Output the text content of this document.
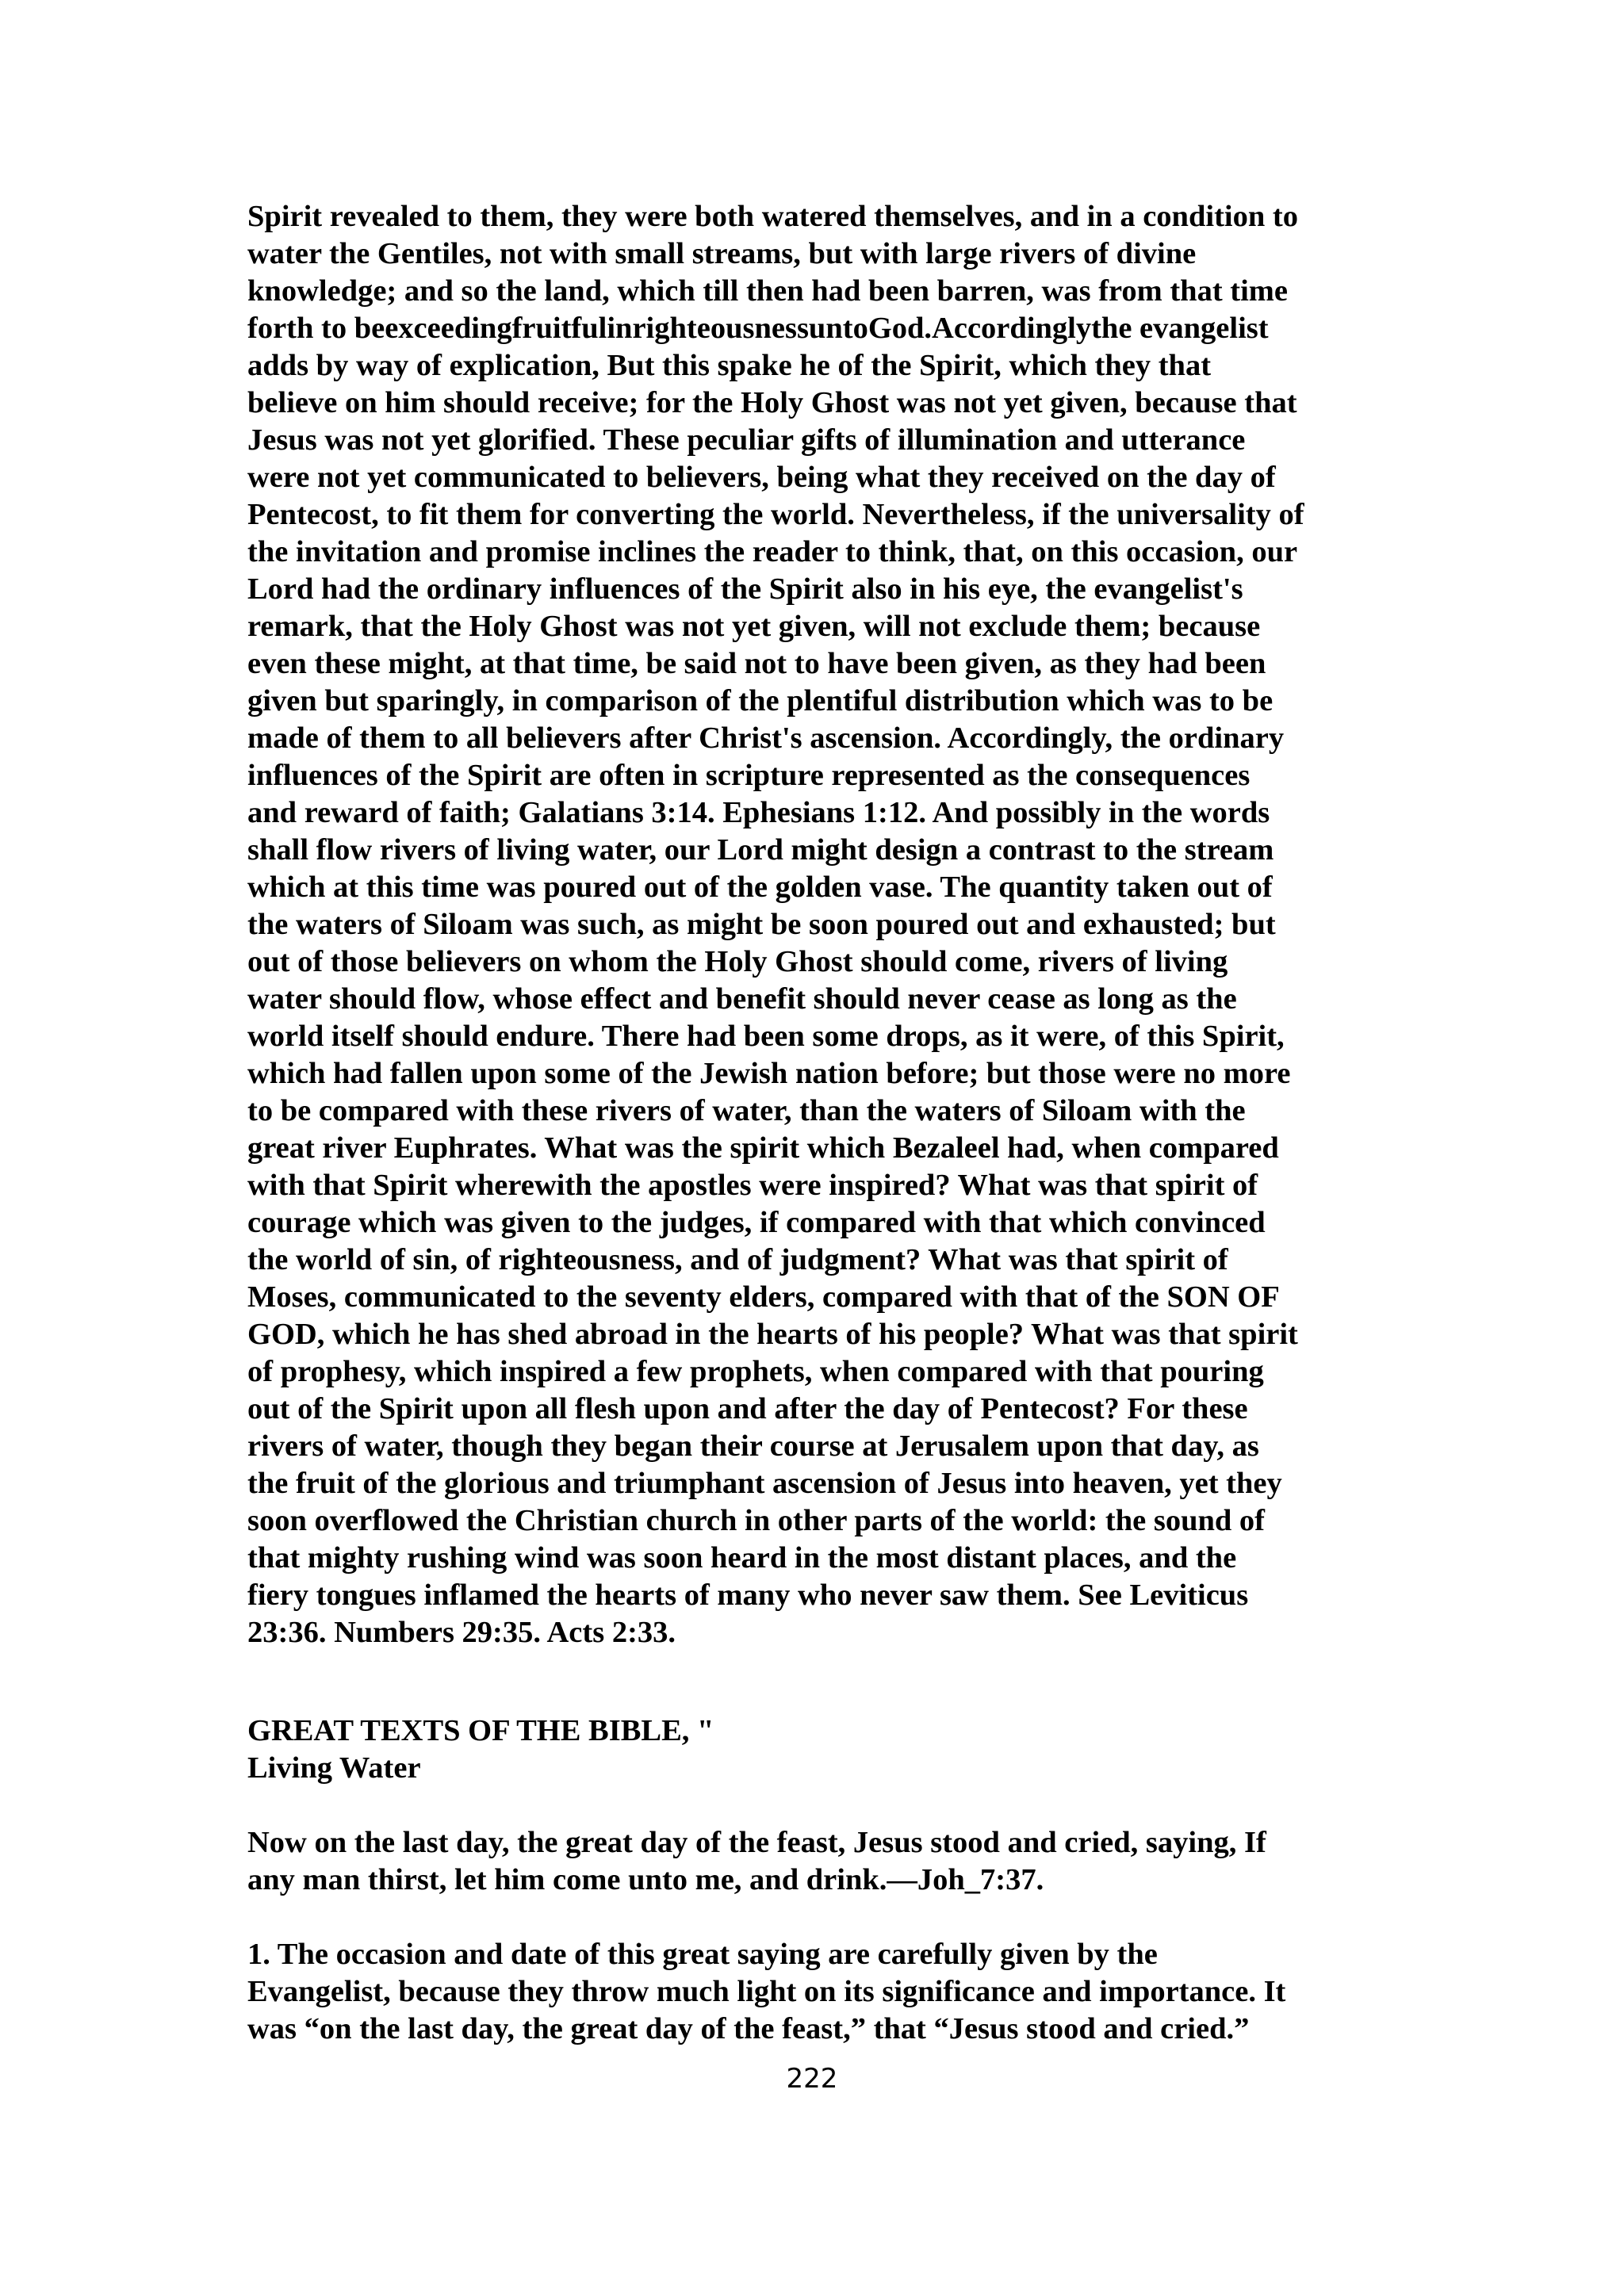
Spirit revealed to them, they were both watered themselves, and in a condition to
water the Gentiles, not with small streams, but with large rivers of divine
knowledge; and so the land, which till then had been barren, was from that time
forth to beexceedingfruitfulinrighteousnessuntoGod.Accordinglythe evangelist
adds by way of explication, But this spake he of the Spirit, which they that
believe on him should receive; for the Holy Ghost was not yet given, because that
Jesus was not yet glorified. These peculiar gifts of illumination and utterance
were not yet communicated to believers, being what they received on the day of
Pentecost, to fit them for converting the world. Nevertheless, if the universality of
the invitation and promise inclines the reader to think, that, on this occasion, our
Lord had the ordinary influences of the Spirit also in his eye, the evangelist's
remark, that the Holy Ghost was not yet given, will not exclude them; because
even these might, at that time, be said not to have been given, as they had been
given but sparingly, in comparison of the plentiful distribution which was to be
made of them to all believers after Christ's ascension. Accordingly, the ordinary
influences of the Spirit are often in scripture represented as the consequences
and reward of faith; Galatians 3:14. Ephesians 1:12. And possibly in the words
shall flow rivers of living water, our Lord might design a contrast to the stream
which at this time was poured out of the golden vase. The quantity taken out of
the waters of Siloam was such, as might be soon poured out and exhausted; but
out of those believers on whom the Holy Ghost should come, rivers of living
water should flow, whose effect and benefit should never cease as long as the
world itself should endure. There had been some drops, as it were, of this Spirit,
which had fallen upon some of the Jewish nation before; but those were no more
to be compared with these rivers of water, than the waters of Siloam with the
great river Euphrates. What was the spirit which Bezaleel had, when compared
with that Spirit wherewith the apostles were inspired? What was that spirit of
courage which was given to the judges, if compared with that which convinced
the world of sin, of righteousness, and of judgment? What was that spirit of
Moses, communicated to the seventy elders, compared with that of the SON OF
GOD, which he has shed abroad in the hearts of his people? What was that spirit
of prophesy, which inspired a few prophets, when compared with that pouring
out of the Spirit upon all flesh upon and after the day of Pentecost? For these
rivers of water, though they began their course at Jerusalem upon that day, as
the fruit of the glorious and triumphant ascension of Jesus into heaven, yet they
soon overflowed the Christian church in other parts of the world: the sound of
that mighty rushing wind was soon heard in the most distant places, and the
fiery tongues inflamed the hearts of many who never saw them. See Leviticus
23:36. Numbers 29:35. Acts 2:33.
GREAT TEXTS OF THE BIBLE, "
Living Water
Now on the last day, the great day of the feast, Jesus stood and cried, saying, If
any man thirst, let him come unto me, and drink.—Joh_7:37.
1. The occasion and date of this great saying are carefully given by the
Evangelist, because they throw much light on its significance and importance. It
was “on the last day, the great day of the feast,” that “Jesus stood and cried.”
222
